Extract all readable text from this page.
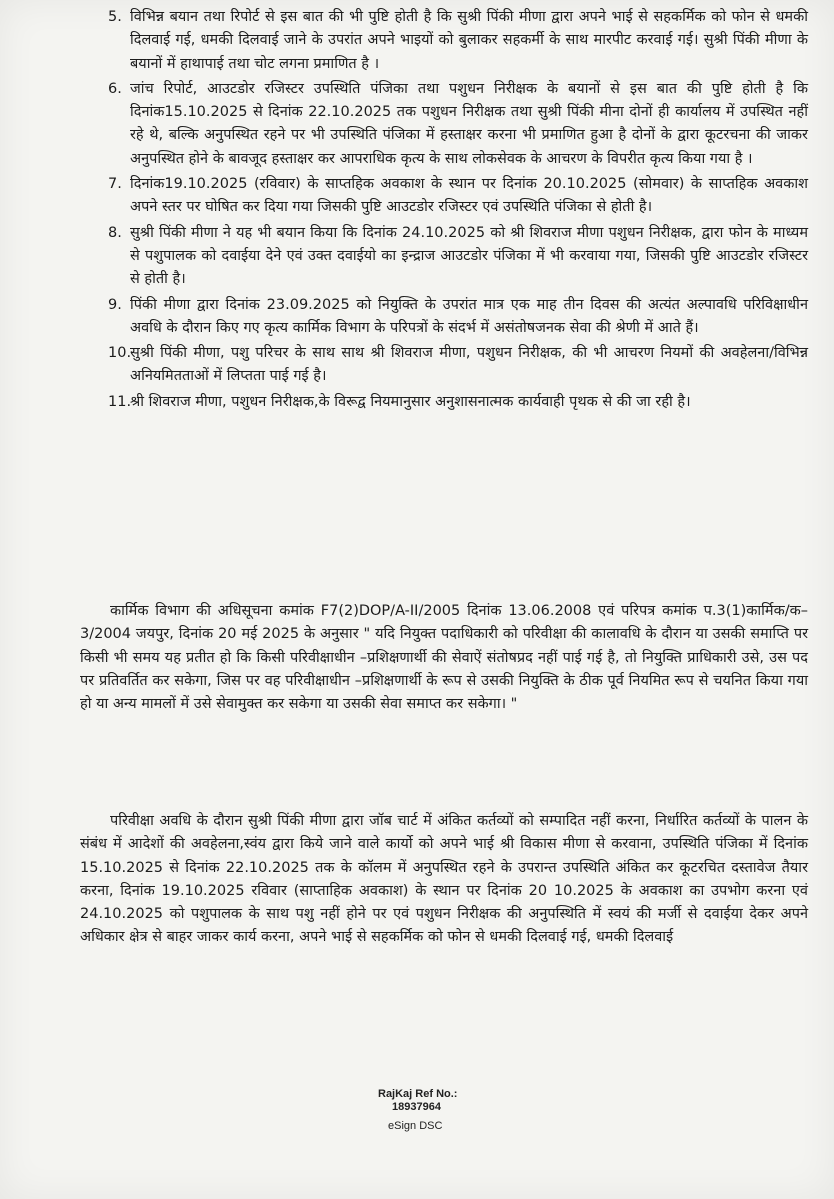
5. विभिन्न बयान तथा रिपोर्ट से इस बात की भी पुष्टि होती है कि सुश्री पिंकी मीणा द्वारा अपने भाई से सहकर्मिक को फोन से धमकी दिलवाई गई, धमकी दिलवाई जाने के उपरांत अपने भाइयों को बुलाकर सहकर्मी के साथ मारपीट करवाई गई। सुश्री पिंकी मीणा के बयानों में हाथापाई तथा चोट लगना प्रमाणित है ।
6. जांच रिपोर्ट, आउटडोर रजिस्टर उपस्थिति पंजिका तथा पशुधन निरीक्षक के बयानों से इस बात की पुष्टि होती है कि दिनांक15.10.2025 से दिनांक 22.10.2025 तक पशुधन निरीक्षक तथा सुश्री पिंकी मीना दोनों ही कार्यालय में उपस्थित नहीं रहे थे, बल्कि अनुपस्थित रहने पर भी उपस्थिति पंजिका में हस्ताक्षर करना भी प्रमाणित हुआ है दोनों के द्वारा कूटरचना की जाकर अनुपस्थित होने के बावजूद हस्ताक्षर कर आपराधिक कृत्य के साथ लोकसेवक के आचरण के विपरीत कृत्य किया गया है ।
7. दिनांक19.10.2025 (रविवार) के साप्तहिक अवकाश के स्थान पर दिनांक 20.10.2025 (सोमवार) के साप्तहिक अवकाश अपने स्तर पर घोषित कर दिया गया जिसकी पुष्टि आउटडोर रजिस्टर एवं उपस्थिति पंजिका से होती है।
8. सुश्री पिंकी मीणा ने यह भी बयान किया कि दिनांक 24.10.2025 को श्री शिवराज मीणा पशुधन निरीक्षक, द्वारा फोन के माध्यम से पशुपालक को दवाईया देने एवं उक्त दवाईयो का इन्द्राज आउटडोर पंजिका में भी करवाया गया, जिसकी पुष्टि आउटडोर रजिस्टर से होती है।
9. पिंकी मीणा द्वारा दिनांक 23.09.2025 को नियुक्ति के उपरांत मात्र एक माह तीन दिवस की अत्यंत अल्पावधि परिविक्षाधीन अवधि के दौरान किए गए कृत्य कार्मिक विभाग के परिपत्रों के संदर्भ में असंतोषजनक सेवा की श्रेणी में आते हैं।
10.
सुश्री पिंकी मीणा, पशु परिचर के साथ साथ श्री शिवराज मीणा, पशुधन निरीक्षक, की भी आचरण नियमों की अवहेलना/विभिन्न अनियमितताओं में लिप्तता पाई गई है।
11.
श्री शिवराज मीणा, पशुधन निरीक्षक,के विरूद्व नियमानुसार अनुशासनात्मक कार्यवाही पृथक से की जा रही है।

कार्मिक विभाग की अधिसूचना कमांक F7(2)DOP/A-II/2005 दिनांक 13.06.2008 एवं परिपत्र कमांक प.3(1)कार्मिक/क–3/2004 जयपुर, दिनांक 20 मई 2025 के अनुसार " यदि नियुक्त पदाधिकारी को परिवीक्षा की कालावधि के दौरान या उसकी समाप्ति पर किसी भी समय यह प्रतीत हो कि किसी परिवीक्षाधीन –प्रशिक्षणार्थी की सेवाऐं संतोषप्रद नहीं पाई गई है, तो नियुक्ति प्राधिकारी उसे, उस पद पर प्रतिवर्तित कर सकेगा, जिस पर वह परिवीक्षाधीन –प्रशिक्षणार्थी के रूप से उसकी नियुक्ति के ठीक पूर्व नियमित रूप से चयनित किया गया हो या अन्य मामलों में उसे सेवामुक्त कर सकेगा या उसकी सेवा समाप्त कर सकेगा। "

परिवीक्षा अवधि के दौरान सुश्री पिंकी मीणा द्वारा जॉब चार्ट में अंकित कर्तव्यों को सम्पादित नहीं करना, निर्धारित कर्तव्यों के पालन के संबंध में आदेशों की अवहेलना,स्वंय द्वारा किये जाने वाले कार्यो को अपने भाई श्री विकास मीणा से करवाना, उपस्थिति पंजिका में दिनांक 15.10.2025 से दिनांक 22.10.2025 तक के कॉलम में अनुपस्थित रहने के उपरान्त उपस्थिति अंकित कर कूटरचित दस्तावेज तैयार करना, दिनांक 19.10.2025 रविवार (साप्ताहिक अवकाश) के स्थान पर दिनांक 20 10.2025 के अवकाश का उपभोग करना एवं 24.10.2025 को पशुपालक के साथ पशु नहीं होने पर एवं पशुधन निरीक्षक की अनुपस्थिति में स्वयं की मर्जी से दवाईया देकर अपने अधिकार क्षेत्र से बाहर जाकर कार्य करना, अपने भाई से सहकर्मिक को फोन से धमकी दिलवाई गई, धमकी दिलवाई

RajKaj Ref No.:
18937964
eSign DSC
